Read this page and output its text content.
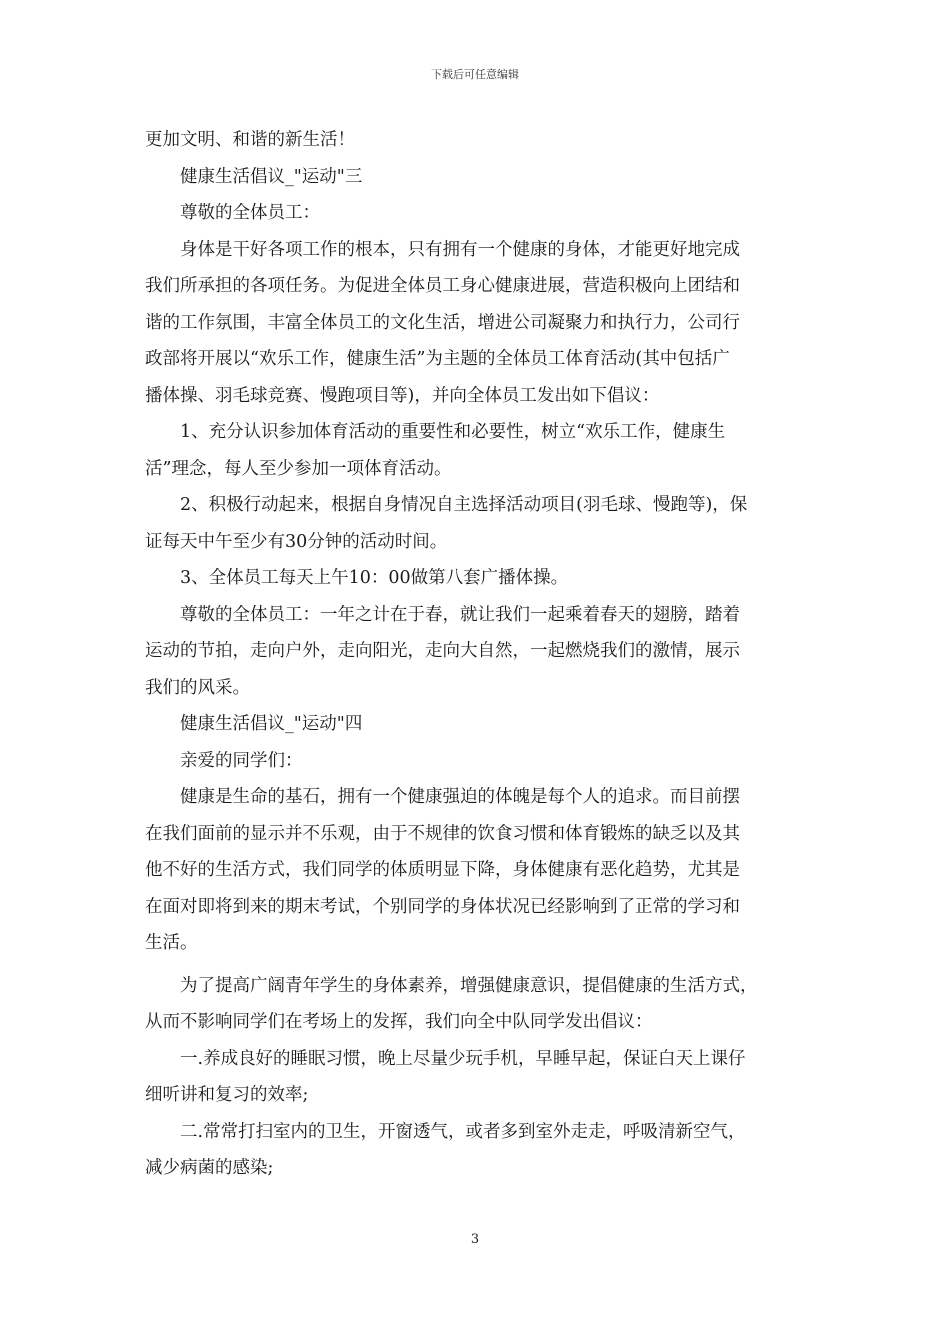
下载后可任意编辑
更加文明、和谐的新生活！
健康生活倡议_"运动"三
尊敬的全体员工：
身体是干好各项工作的根本，只有拥有一个健康的身体，才能更好地完成
我们所承担的各项任务。为促进全体员工身心健康进展，营造积极向上团结和
谐的工作氛围，丰富全体员工的文化生活，增进公司凝聚力和执行力，公司行
政部将开展以“欢乐工作，健康生活”为主题的全体员工体育活动(其中包括广
播体操、羽毛球竞赛、慢跑项目等)，并向全体员工发出如下倡议：
1、充分认识参加体育活动的重要性和必要性，树立“欢乐工作，健康生
活”理念，每人至少参加一项体育活动。
2、积极行动起来，根据自身情况自主选择活动项目(羽毛球、慢跑等)，保
证每天中午至少有30分钟的活动时间。
3、全体员工每天上午10：00做第八套广播体操。
尊敬的全体员工：一年之计在于春，就让我们一起乘着春天的翅膀，踏着
运动的节拍，走向户外，走向阳光，走向大自然，一起燃烧我们的激情，展示
我们的风采。
健康生活倡议_"运动"四
亲爱的同学们：
健康是生命的基石，拥有一个健康强迫的体魄是每个人的追求。而目前摆
在我们面前的显示并不乐观，由于不规律的饮食习惯和体育锻炼的缺乏以及其
他不好的生活方式，我们同学的体质明显下降，身体健康有恶化趋势，尤其是
在面对即将到来的期末考试，个别同学的身体状况已经影响到了正常的学习和
生活。
为了提高广阔青年学生的身体素养，增强健康意识，提倡健康的生活方式，
从而不影响同学们在考场上的发挥，我们向全中队同学发出倡议：
一.养成良好的睡眠习惯，晚上尽量少玩手机，早睡早起，保证白天上课仔
细听讲和复习的效率;
二.常常打扫室内的卫生，开窗透气，或者多到室外走走，呼吸清新空气，
减少病菌的感染;
3
